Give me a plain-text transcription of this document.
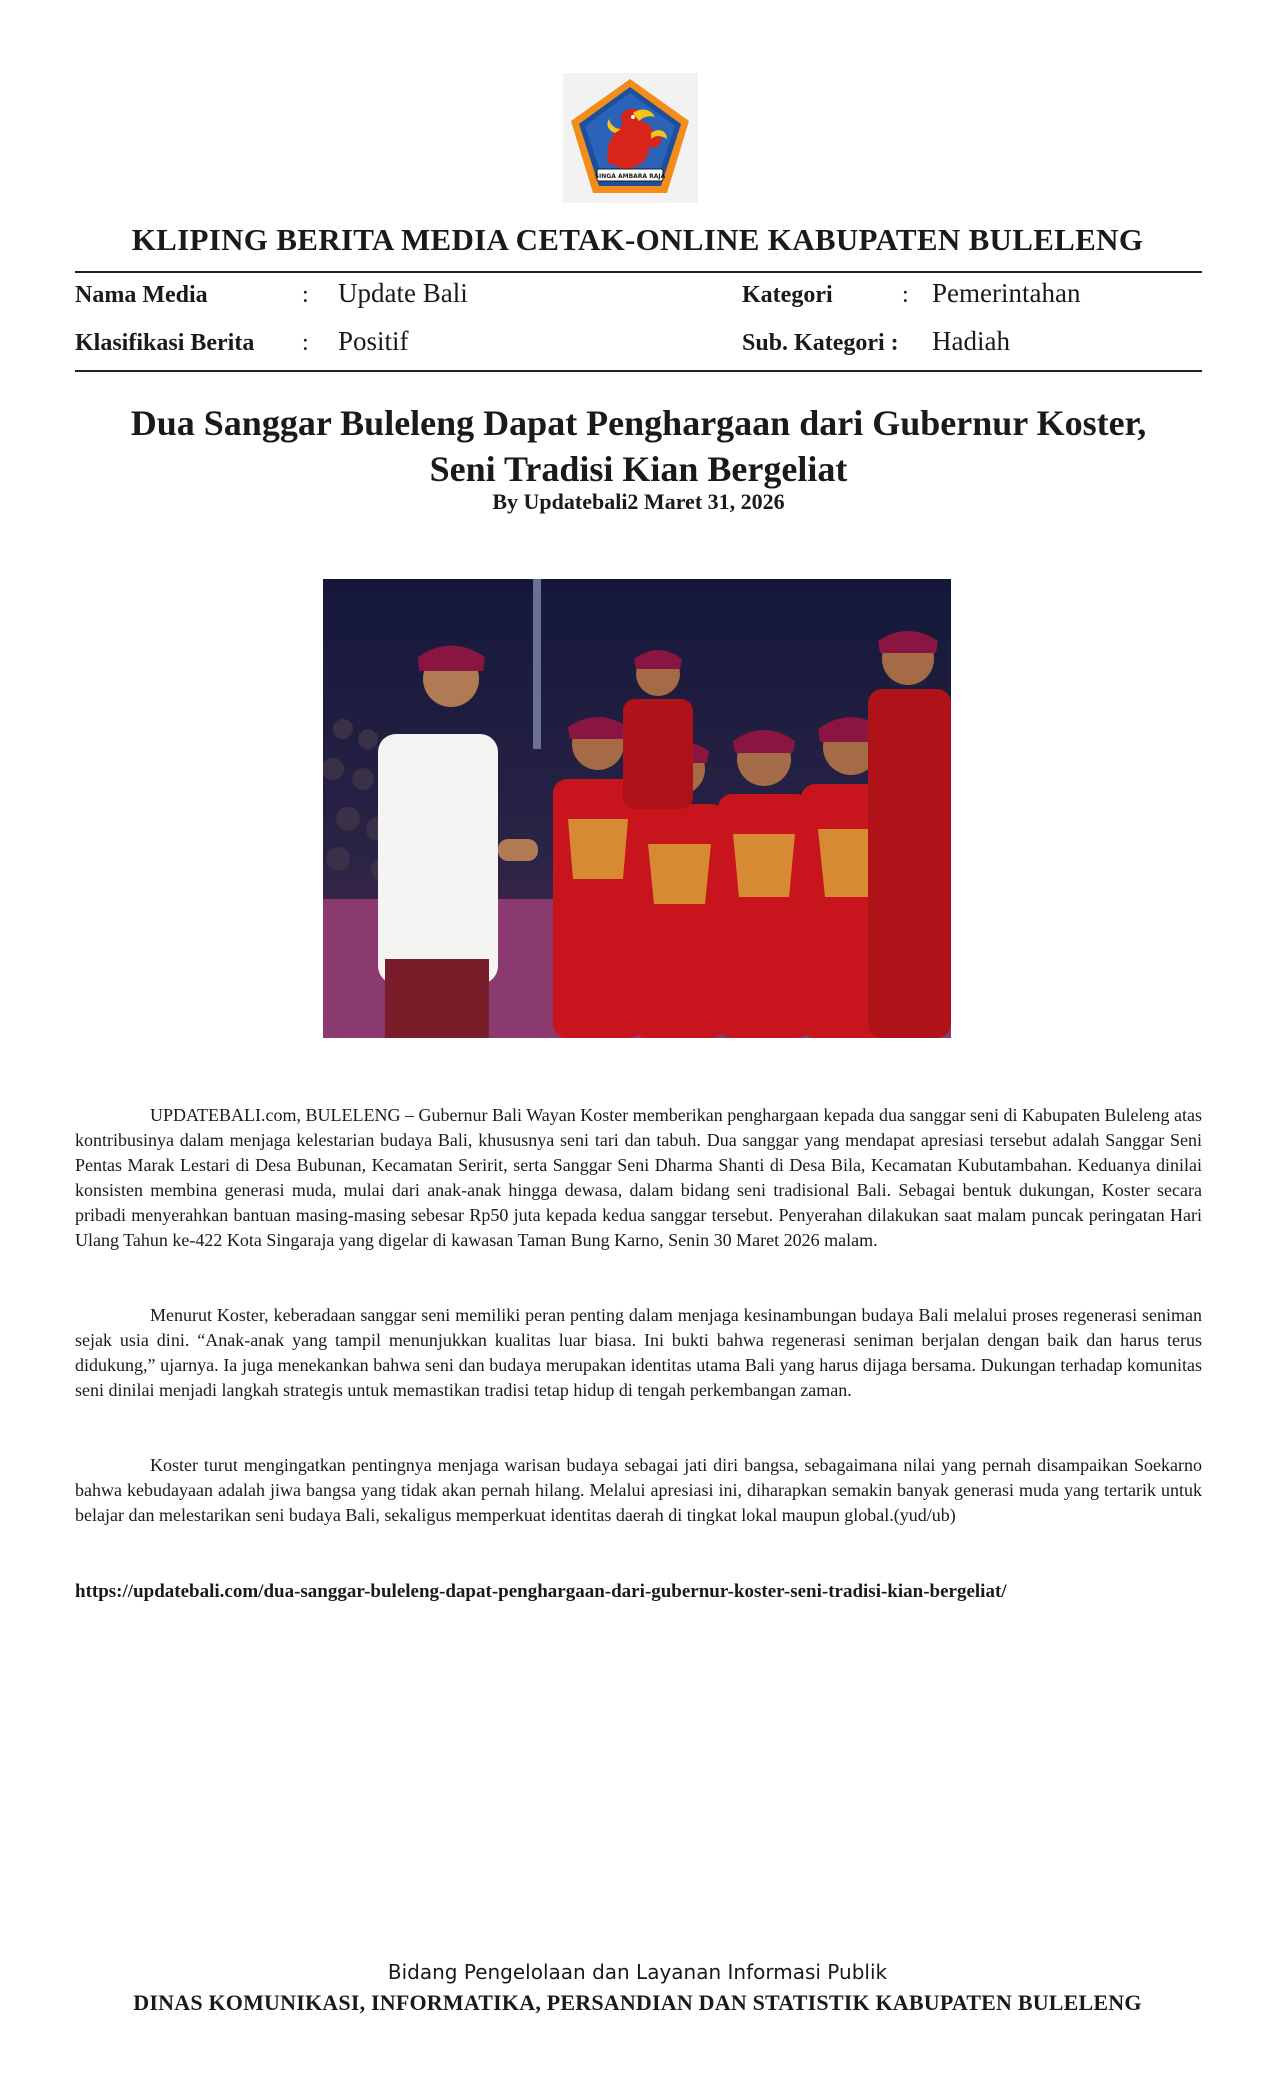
SINGA AMBARA RAJA
KLIPING BERITA MEDIA CETAK-ONLINE KABUPATEN BULELENG
Nama Media	: Update Bali	Kategori	: Pemerintahan
Klasifikasi Berita : Positif	Sub. Kategori : Hadiah
Dua Sanggar Buleleng Dapat Penghargaan dari Gubernur Koster,
Seni Tradisi Kian Bergeliat
By Updatebali2 Maret 31, 2026

UPDATEBALI.com, BULELENG – Gubernur Bali Wayan Koster memberikan penghargaan kepada dua sanggar seni di Kabupaten Buleleng atas kontribusinya dalam menjaga kelestarian budaya Bali, khususnya seni tari dan tabuh. Dua sanggar yang mendapat apresiasi tersebut adalah Sanggar Seni Pentas Marak Lestari di Desa Bubunan, Kecamatan Seririt, serta Sanggar Seni Dharma Shanti di Desa Bila, Kecamatan Kubutambahan. Keduanya dinilai konsisten membina generasi muda, mulai dari anak-anak hingga dewasa, dalam bidang seni tradisional Bali. Sebagai bentuk dukungan, Koster secara pribadi menyerahkan bantuan masing-masing sebesar Rp50 juta kepada kedua sanggar tersebut. Penyerahan dilakukan saat malam puncak peringatan Hari Ulang Tahun ke-422 Kota Singaraja yang digelar di kawasan Taman Bung Karno, Senin 30 Maret 2026 malam.

Menurut Koster, keberadaan sanggar seni memiliki peran penting dalam menjaga kesinambungan budaya Bali melalui proses regenerasi seniman sejak usia dini. “Anak-anak yang tampil menunjukkan kualitas luar biasa. Ini bukti bahwa regenerasi seniman berjalan dengan baik dan harus terus didukung,” ujarnya. Ia juga menekankan bahwa seni dan budaya merupakan identitas utama Bali yang harus dijaga bersama. Dukungan terhadap komunitas seni dinilai menjadi langkah strategis untuk memastikan tradisi tetap hidup di tengah perkembangan zaman.

Koster turut mengingatkan pentingnya menjaga warisan budaya sebagai jati diri bangsa, sebagaimana nilai yang pernah disampaikan Soekarno bahwa kebudayaan adalah jiwa bangsa yang tidak akan pernah hilang. Melalui apresiasi ini, diharapkan semakin banyak generasi muda yang tertarik untuk belajar dan melestarikan seni budaya Bali, sekaligus memperkuat identitas daerah di tingkat lokal maupun global.(yud/ub)

https://updatebali.com/dua-sanggar-buleleng-dapat-penghargaan-dari-gubernur-koster-seni-tradisi-kian-bergeliat/
Bidang Pengelolaan dan Layanan Informasi Publik
DINAS KOMUNIKASI, INFORMATIKA, PERSANDIAN DAN STATISTIK KABUPATEN BULELENG
